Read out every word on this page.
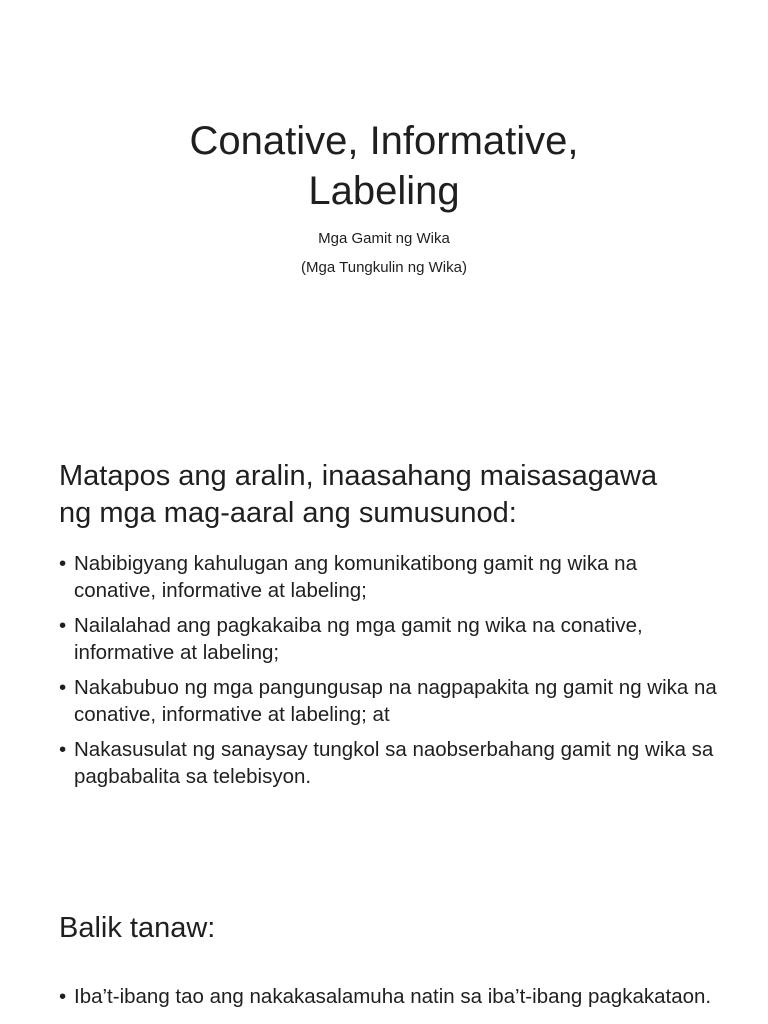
Conative, Informative,
Labeling

Mga Gamit ng Wika

(Mga Tungkulin ng Wika)

Matapos ang aralin, inaasahang maisasagawa
ng mga mag-aaral ang sumusunod:
• Nabibigyang kahulugan ang komunikatibong gamit ng wika na conative, informative at labeling;
• Nailalahad ang pagkakaiba ng mga gamit ng wika na conative, informative at labeling;
• Nakabubuo ng mga pangungusap na nagpapakita ng gamit ng wika na conative, informative at labeling; at
• Nakasusulat ng sanaysay tungkol sa naobserbahang gamit ng wika sa pagbabalita sa telebisyon.
Balik tanaw:
• Iba’t-ibang tao ang nakakasalamuha natin sa iba’t-ibang pagkakataon.
